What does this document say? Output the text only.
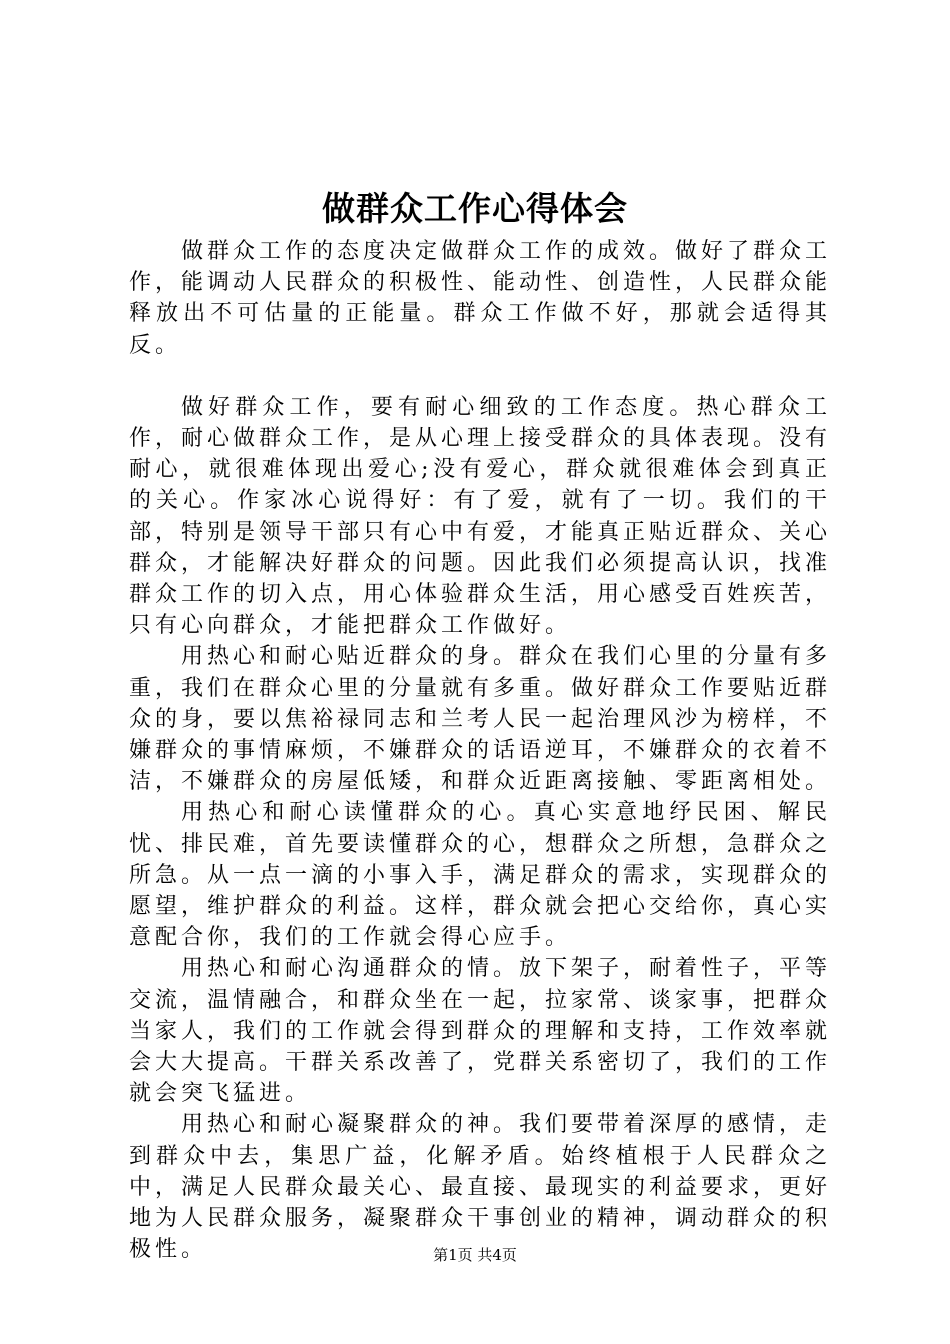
做群众工作心得体会

做群众工作的态度决定做群众工作的成效。做好了群众工作，能调动人民群众的积极性、能动性、创造性，人民群众能释放出不可估量的正能量。群众工作做不好，那就会适得其反。

做好群众工作，要有耐心细致的工作态度。热心群众工作，耐心做群众工作，是从心理上接受群众的具体表现。没有耐心，就很难体现出爱心;没有爱心，群众就很难体会到真正的关心。作家冰心说得好：有了爱，就有了一切。我们的干部，特别是领导干部只有心中有爱，才能真正贴近群众、关心群众，才能解决好群众的问题。因此我们必须提高认识，找准群众工作的切入点，用心体验群众生活，用心感受百姓疾苦，只有心向群众，才能把群众工作做好。

用热心和耐心贴近群众的身。群众在我们心里的分量有多重，我们在群众心里的分量就有多重。做好群众工作要贴近群众的身，要以焦裕禄同志和兰考人民一起治理风沙为榜样，不嫌群众的事情麻烦，不嫌群众的话语逆耳，不嫌群众的衣着不洁，不嫌群众的房屋低矮，和群众近距离接触、零距离相处。

用热心和耐心读懂群众的心。真心实意地纾民困、解民忧、排民难，首先要读懂群众的心，想群众之所想，急群众之所急。从一点一滴的小事入手，满足群众的需求，实现群众的愿望，维护群众的利益。这样，群众就会把心交给你，真心实意配合你，我们的工作就会得心应手。

用热心和耐心沟通群众的情。放下架子，耐着性子，平等交流，温情融合，和群众坐在一起，拉家常、谈家事，把群众当家人，我们的工作就会得到群众的理解和支持，工作效率就会大大提高。干群关系改善了，党群关系密切了，我们的工作就会突飞猛进。

用热心和耐心凝聚群众的神。我们要带着深厚的感情，走到群众中去，集思广益，化解矛盾。始终植根于人民群众之中，满足人民群众最关心、最直接、最现实的利益要求，更好地为人民群众服务，凝聚群众干事创业的精神，调动群众的积极性。	第1页 共4页
